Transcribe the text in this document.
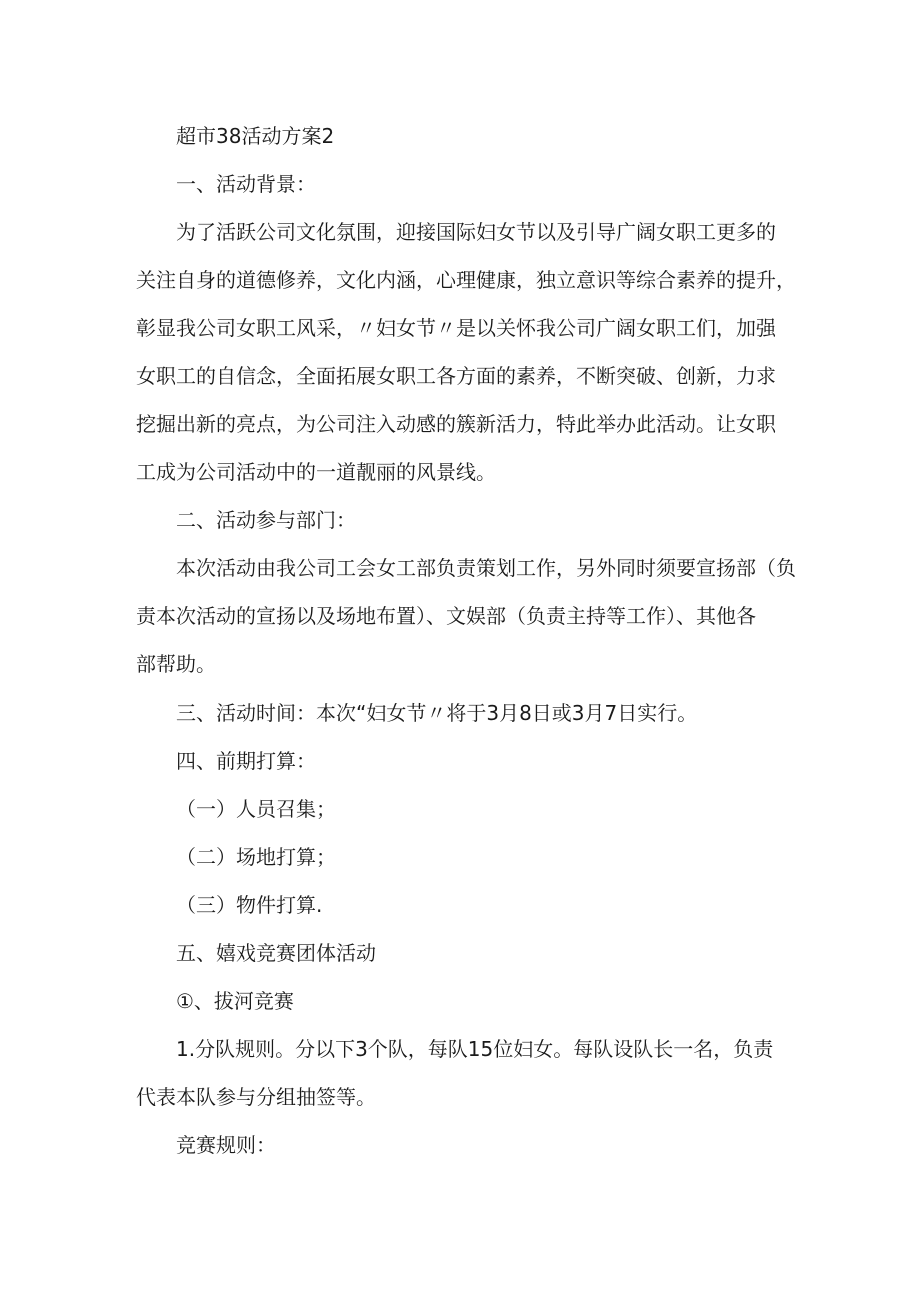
超市38活动方案2
一、活动背景：
为了活跃公司文化氛围，迎接国际妇女节以及引导广阔女职工更多的
关注自身的道德修养，文化内涵，心理健康，独立意识等综合素养的提升，
彰显我公司女职工风采，〃妇女节〃是以关怀我公司广阔女职工们，加强
女职工的自信念，全面拓展女职工各方面的素养，不断突破、创新，力求
挖掘出新的亮点，为公司注入动感的簇新活力，特此举办此活动。让女职
工成为公司活动中的一道靓丽的风景线。
二、活动参与部门：
本次活动由我公司工会女工部负责策划工作，另外同时须要宣扬部（负
责本次活动的宣扬以及场地布置）、文娱部（负责主持等工作）、其他各
部帮助。
三、活动时间：本次“妇女节〃将于3月8日或3月7日实行。
四、前期打算：
（一）人员召集；
（二）场地打算；
（三）物件打算.
五、嬉戏竞赛团体活动
①、拔河竞赛
1.分队规则。分以下3个队，每队15位妇女。每队设队长一名，负责
代表本队参与分组抽签等。
竞赛规则：
